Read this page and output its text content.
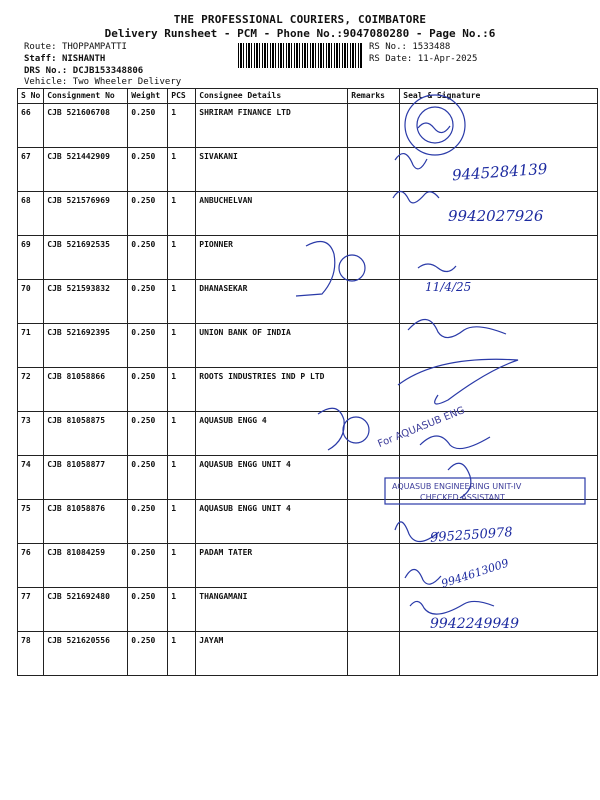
THE PROFESSIONAL COURIERS, COIMBATORE
Delivery Runsheet - PCM - Phone No.:9047080280 - Page No.:6
Route: THOPPAMPATTI
Staff: NISHANTH
DRS No.: DCJB153348806
Vehicle: Two Wheeler Delivery
RS No.: 1533488
RS Date: 11-Apr-2025
S No	Consignment No	Weight	PCS	Consignee Details	Remarks	Seal & Signature
66	CJB 521606708	0.250	1	SHRIRAM FINANCE LTD		
67	CJB 521442909	0.250	1	SIVAKANI		
68	CJB 521576969	0.250	1	ANBUCHELVAN		
69	CJB 521692535	0.250	1	PIONNER		
70	CJB 521593832	0.250	1	DHANASEKAR		
71	CJB 521692395	0.250	1	UNION BANK OF INDIA		
72	CJB 81058866	0.250	1	ROOTS INDUSTRIES IND P LTD		
73	CJB 81058875	0.250	1	AQUASUB ENGG 4		
74	CJB 81058877	0.250	1	AQUASUB ENGG UNIT 4		
75	CJB 81058876	0.250	1	AQUASUB ENGG UNIT 4		
76	CJB 81084259	0.250	1	PADAM TATER		
77	CJB 521692480	0.250	1	THANGAMANI		
78	CJB 521620556	0.250	1	JAYAM		
9445284139
9942027926
11/4/25
For AQUASUB ENG
AQUASUB ENGINEERING UNIT-IV
CHECKED ASSISTANT
9952550978
9944613009
9942249949
